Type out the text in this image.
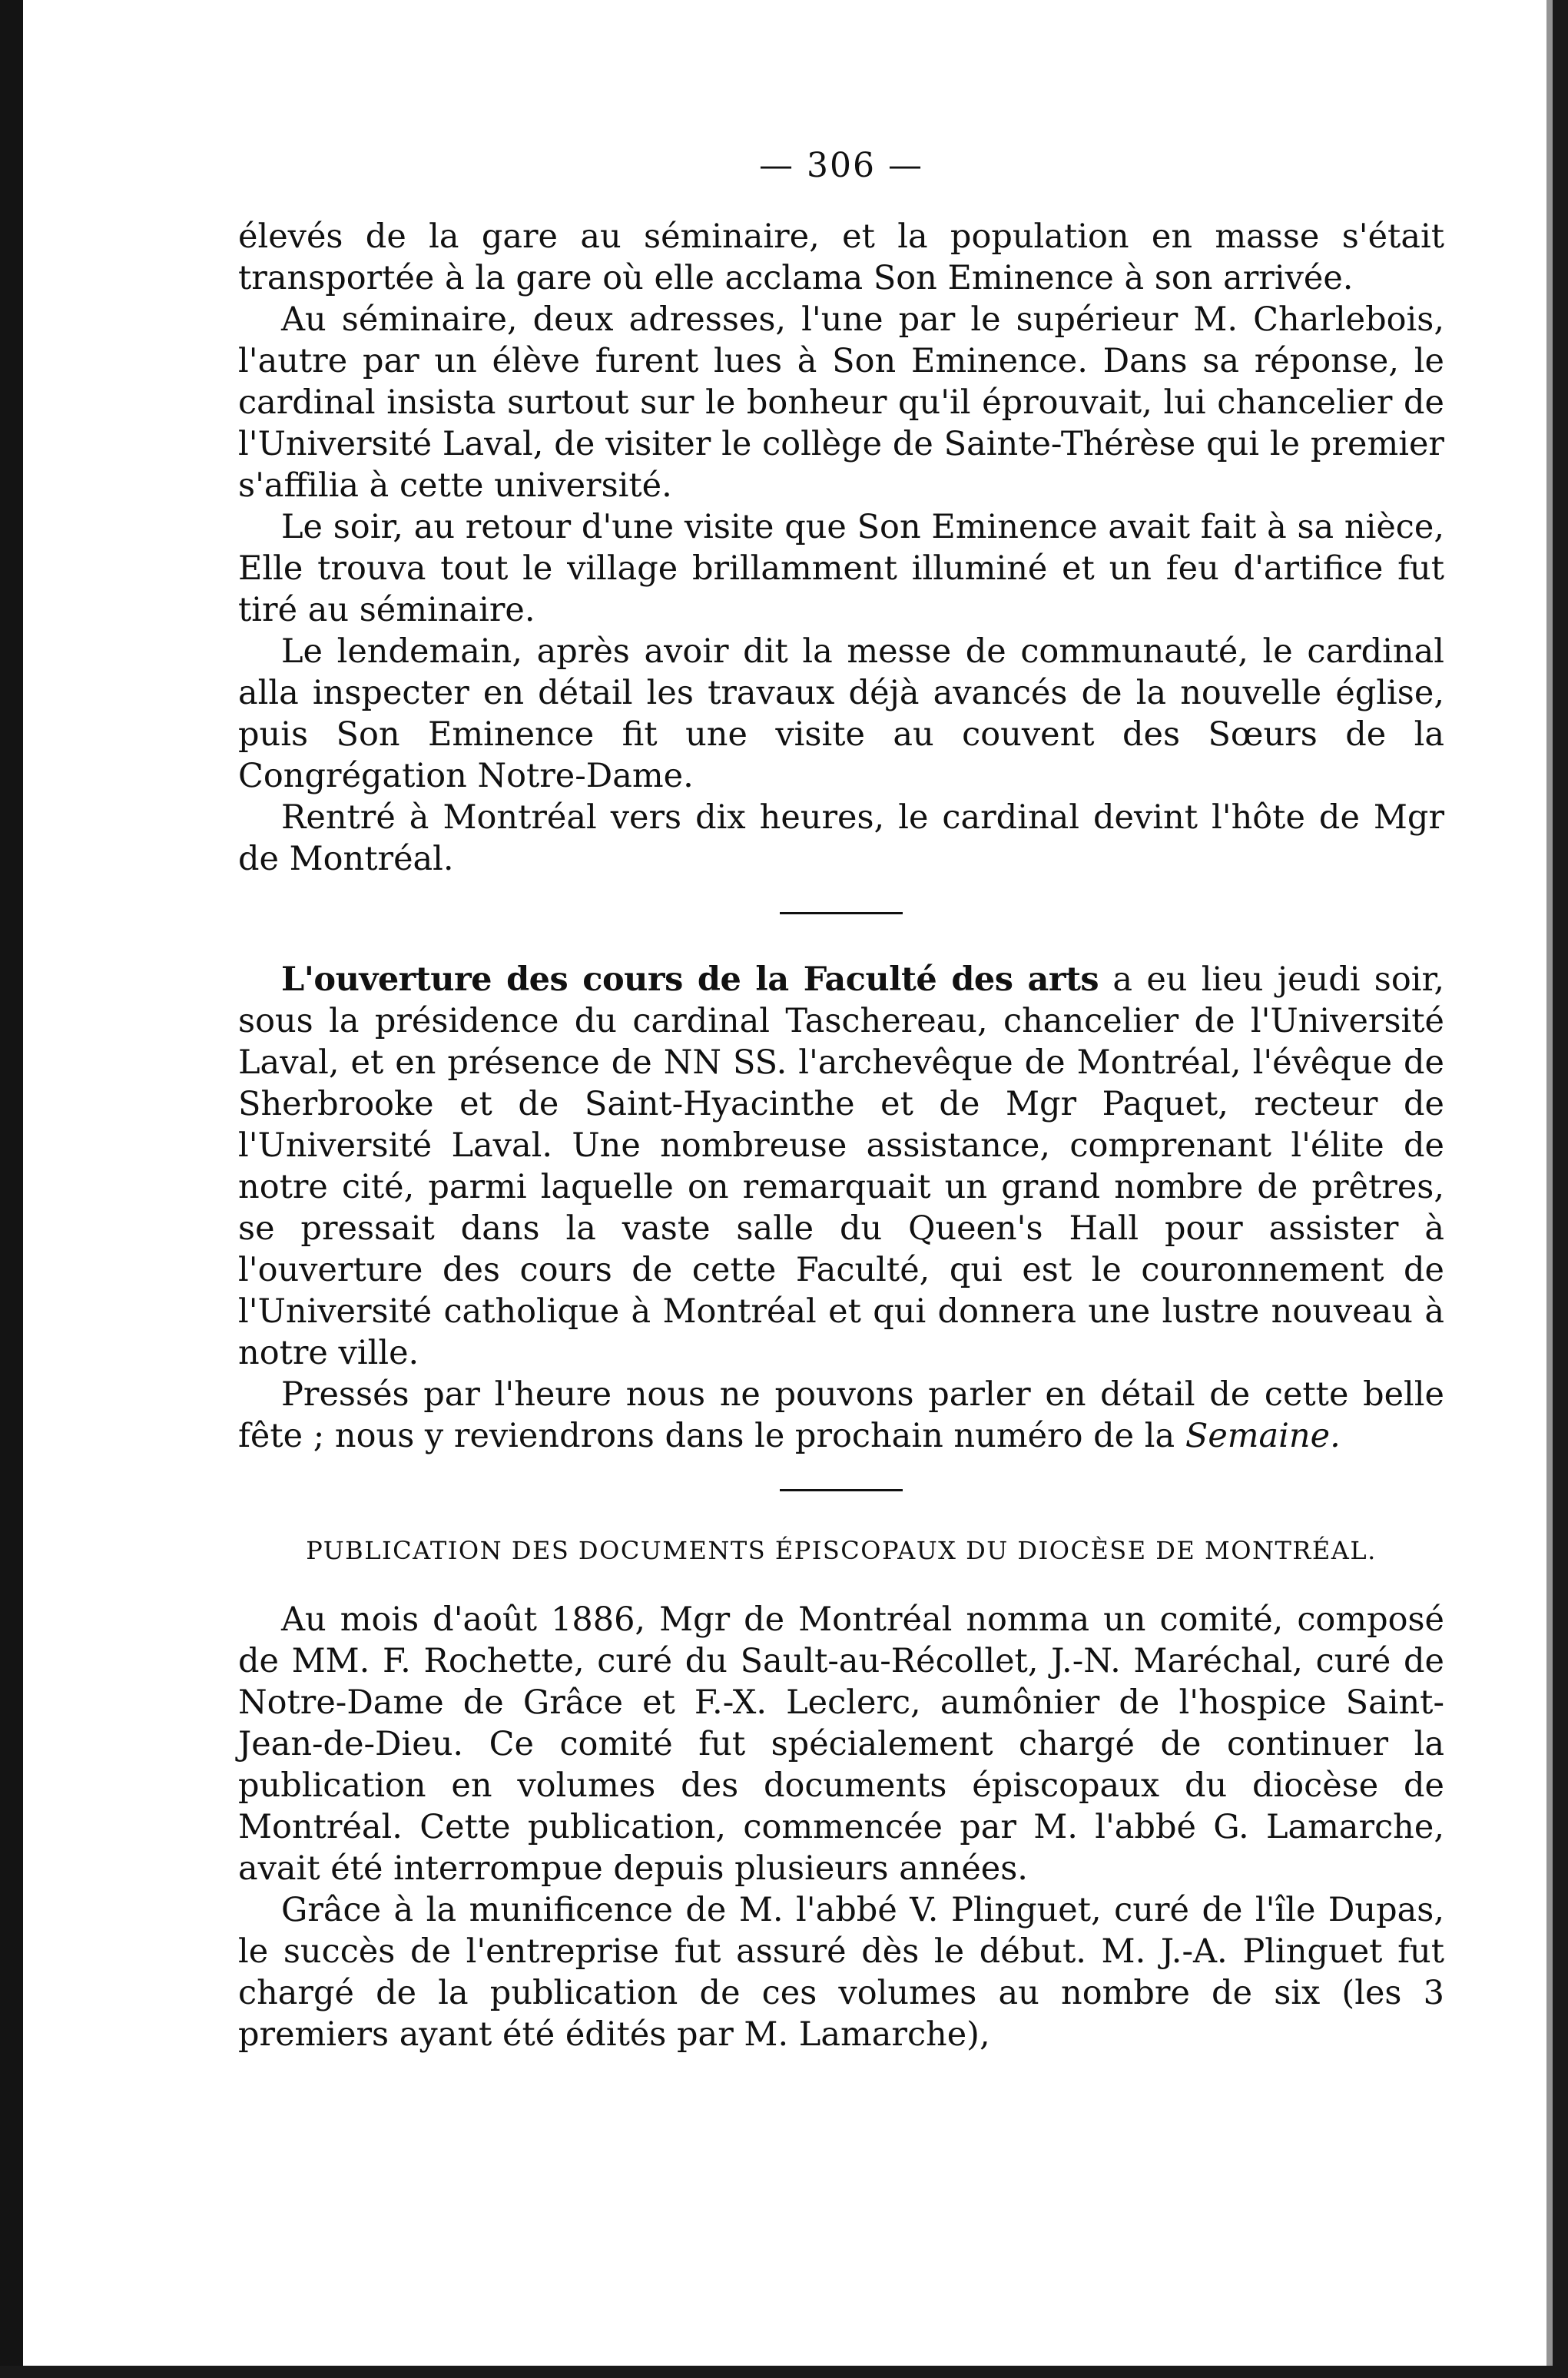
— 306 —

élevés de la gare au séminaire, et la population en masse s'était transportée à la gare où elle acclama Son Eminence à son arrivée.

Au séminaire, deux adresses, l'une par le supérieur M. Charlebois, l'autre par un élève furent lues à Son Eminence. Dans sa réponse, le cardinal insista surtout sur le bonheur qu'il éprouvait, lui chancelier de l'Université Laval, de visiter le collège de Sainte-Thérèse qui le premier s'affilia à cette université.

Le soir, au retour d'une visite que Son Eminence avait fait à sa nièce, Elle trouva tout le village brillamment illuminé et un feu d'artifice fut tiré au séminaire.

Le lendemain, après avoir dit la messe de communauté, le cardinal alla inspecter en détail les travaux déjà avancés de la nouvelle église, puis Son Eminence fit une visite au couvent des Sœurs de la Congrégation Notre-Dame.

Rentré à Montréal vers dix heures, le cardinal devint l'hôte de Mgr de Montréal.

L'ouverture des cours de la Faculté des arts a eu lieu jeudi soir, sous la présidence du cardinal Taschereau, chancelier de l'Université Laval, et en présence de NN SS. l'archevêque de Montréal, l'évêque de Sherbrooke et de Saint-Hyacinthe et de Mgr Paquet, recteur de l'Université Laval. Une nombreuse assistance, comprenant l'élite de notre cité, parmi laquelle on remarquait un grand nombre de prêtres, se pressait dans la vaste salle du Queen's Hall pour assister à l'ouverture des cours de cette Faculté, qui est le couronnement de l'Université catholique à Montréal et qui donnera une lustre nouveau à notre ville.

Pressés par l'heure nous ne pouvons parler en détail de cette belle fête ; nous y reviendrons dans le prochain numéro de la Semaine.

PUBLICATION DES DOCUMENTS ÉPISCOPAUX DU DIOCÈSE DE MONTRÉAL.

Au mois d'août 1886, Mgr de Montréal nomma un comité, composé de MM. F. Rochette, curé du Sault-au-Récollet, J.-N. Maréchal, curé de Notre-Dame de Grâce et F.-X. Leclerc, aumônier de l'hospice Saint-Jean-de-Dieu. Ce comité fut spécialement chargé de continuer la publication en volumes des documents épiscopaux du diocèse de Montréal. Cette publication, commencée par M. l'abbé G. Lamarche, avait été interrompue depuis plusieurs années.

Grâce à la munificence de M. l'abbé V. Plinguet, curé de l'île Dupas, le succès de l'entreprise fut assuré dès le début. M. J.-A. Plinguet fut chargé de la publication de ces volumes au nombre de six (les 3 premiers ayant été édités par M. Lamarche),
